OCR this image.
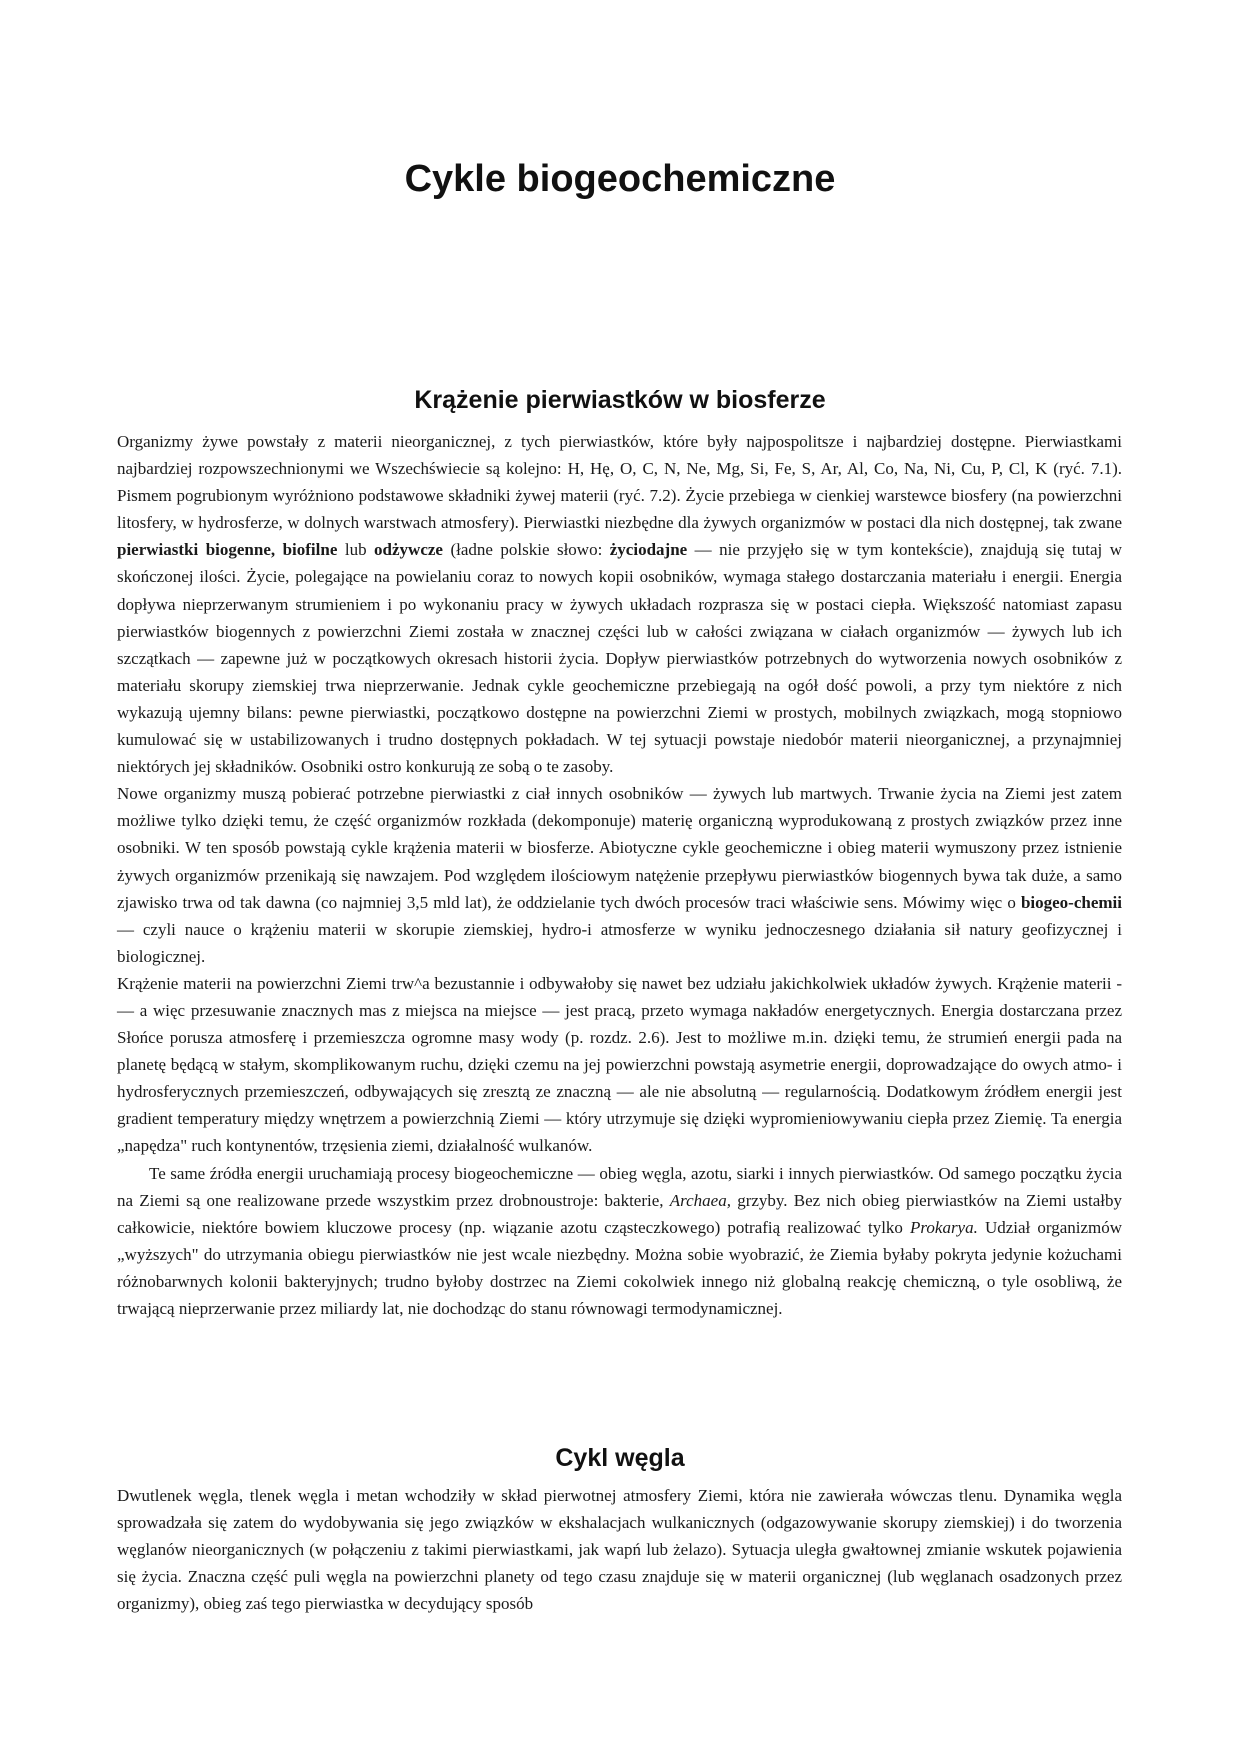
Cykle biogeochemiczne
Krążenie pierwiastków w biosferze

Organizmy żywe powstały z materii nieorganicznej, z tych pierwiastków, które były najpospolitsze i najbardziej dostępne. Pierwiastkami najbardziej rozpowszechnionymi we Wszechświecie są kolejno: H, Hę, O, C, N, Ne, Mg, Si, Fe, S, Ar, Al, Co, Na, Ni, Cu, P, Cl, K (ryć. 7.1). Pismem pogrubionym wyróżniono podstawowe składniki żywej materii (ryć. 7.2). Życie przebiega w cienkiej warstewce biosfery (na powierzchni litosfery, w hydrosferze, w dolnych warstwach atmosfery). Pierwiastki niezbędne dla żywych organizmów w postaci dla nich dostępnej, tak zwane pierwiastki biogenne, biofilne lub odżywcze (ładne polskie słowo: życiodajne — nie przyjęło się w tym kontekście), znajdują się tutaj w skończonej ilości. Życie, polegające na powielaniu coraz to nowych kopii osobników, wymaga stałego dostarczania materiału i energii. Energia dopływa nieprzerwanym strumieniem i po wykonaniu pracy w żywych układach rozprasza się w postaci ciepła. Większość natomiast zapasu pierwiastków biogennych z powierzchni Ziemi została w znacznej części lub w całości związana w ciałach organizmów — żywych lub ich szczątkach — zapewne już w początkowych okresach historii życia. Dopływ pierwiastków potrzebnych do wytworzenia nowych osobników z materiału skorupy ziemskiej trwa nieprzerwanie. Jednak cykle geochemiczne przebiegają na ogół dość powoli, a przy tym niektóre z nich wykazują ujemny bilans: pewne pierwiastki, początkowo dostępne na powierzchni Ziemi w prostych, mobilnych związkach, mogą stopniowo kumulować się w ustabilizowanych i trudno dostępnych pokładach. W tej sytuacji powstaje niedobór materii nieorganicznej, a przynajmniej niektórych jej składników. Osobniki ostro konkurują ze sobą o te zasoby.

Nowe organizmy muszą pobierać potrzebne pierwiastki z ciał innych osobników — żywych lub martwych. Trwanie życia na Ziemi jest zatem możliwe tylko dzięki temu, że część organizmów rozkłada (dekomponuje) materię organiczną wyprodukowaną z prostych związków przez inne osobniki. W ten sposób powstają cykle krążenia materii w biosferze. Abiotyczne cykle geochemiczne i obieg materii wymuszony przez istnienie żywych organizmów przenikają się nawzajem. Pod względem ilościowym natężenie przepływu pierwiastków biogennych bywa tak duże, a samo zjawisko trwa od tak dawna (co najmniej 3,5 mld lat), że oddzielanie tych dwóch procesów traci właściwie sens. Mówimy więc o biogeo-chemii — czyli nauce o krążeniu materii w skorupie ziemskiej, hydro-i atmosferze w wyniku jednoczesnego działania sił natury geofizycznej i biologicznej.

Krążenie materii na powierzchni Ziemi trw^a bezustannie i odbywałoby się nawet bez udziału jakichkolwiek układów żywych. Krążenie materii -— a więc przesuwanie znacznych mas z miejsca na miejsce — jest pracą, przeto wymaga nakładów energetycznych. Energia dostarczana przez Słońce porusza atmosferę i przemieszcza ogromne masy wody (p. rozdz. 2.6). Jest to możliwe m.in. dzięki temu, że strumień energii pada na planetę będącą w stałym, skomplikowanym ruchu, dzięki czemu na jej powierzchni powstają asymetrie energii, doprowadzające do owych atmo- i hydrosferycznych przemieszczeń, odbywających się zresztą ze znaczną — ale nie absolutną — regularnością. Dodatkowym źródłem energii jest gradient temperatury między wnętrzem a powierzchnią Ziemi — który utrzymuje się dzięki wypromieniowywaniu ciepła przez Ziemię. Ta energia „napędza" ruch kontynentów, trzęsienia ziemi, działalność wulkanów.

Te same źródła energii uruchamiają procesy biogeochemiczne — obieg węgla, azotu, siarki i innych pierwiastków. Od samego początku życia na Ziemi są one realizowane przede wszystkim przez drobnoustroje: bakterie, Archaea, grzyby. Bez nich obieg pierwiastków na Ziemi ustałby całkowicie, niektóre bowiem kluczowe procesy (np. wiązanie azotu cząsteczkowego) potrafią realizować tylko Prokarya. Udział organizmów „wyższych" do utrzymania obiegu pierwiastków nie jest wcale niezbędny. Można sobie wyobrazić, że Ziemia byłaby pokryta jedynie kożuchami różnobarwnych kolonii bakteryjnych; trudno byłoby dostrzec na Ziemi cokolwiek innego niż globalną reakcję chemiczną, o tyle osobliwą, że trwającą nieprzerwanie przez miliardy lat, nie dochodząc do stanu równowagi termodynamicznej.

Cykl węgla

Dwutlenek węgla, tlenek węgla i metan wchodziły w skład pierwotnej atmosfery Ziemi, która nie zawierała wówczas tlenu. Dynamika węgla sprowadzała się zatem do wydobywania się jego związków w ekshalacjach wulkanicznych (odgazowywanie skorupy ziemskiej) i do tworzenia węglanów nieorganicznych (w połączeniu z takimi pierwiastkami, jak wapń lub żelazo). Sytuacja uległa gwałtownej zmianie wskutek pojawienia się życia. Znaczna część puli węgla na powierzchni planety od tego czasu znajduje się w materii organicznej (lub węglanach osadzonych przez organizmy), obieg zaś tego pierwiastka w decydujący sposób
